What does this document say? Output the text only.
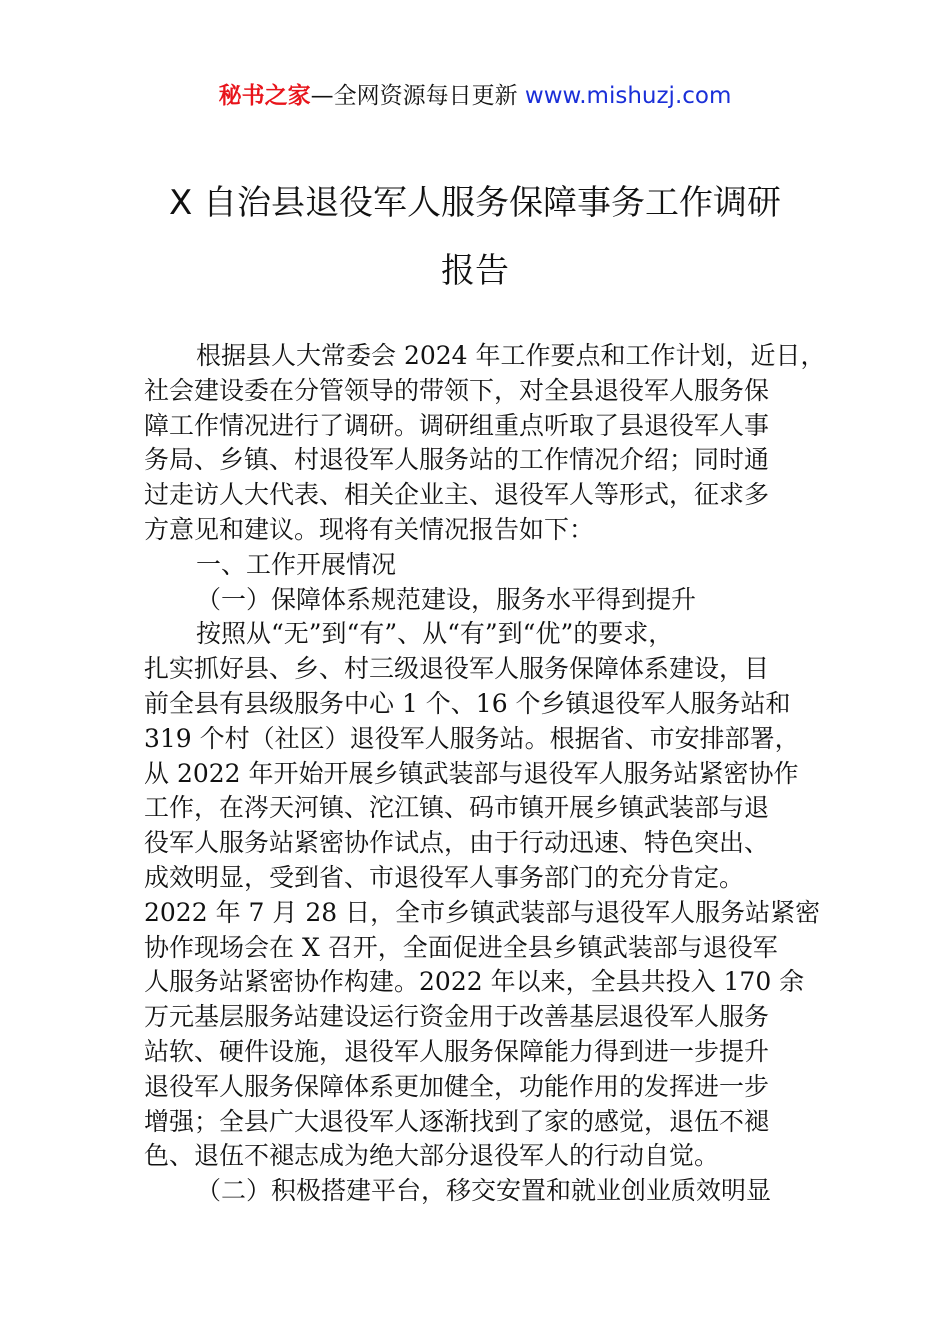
秘书之家—全网资源每日更新 www.mishuzj.com
X 自治县退役军人服务保障事务工作调研
报告
根据县人大常委会 2024 年工作要点和工作计划，近日，
社会建设委在分管领导的带领下，对全县退役军人服务保
障工作情况进行了调研。调研组重点听取了县退役军人事
务局、乡镇、村退役军人服务站的工作情况介绍；同时通
过走访人大代表、相关企业主、退役军人等形式，征求多
方意见和建议。现将有关情况报告如下：
一、工作开展情况
（一）保障体系规范建设，服务水平得到提升
按照从“无”到“有”、从“有”到“优”的要求，
扎实抓好县、乡、村三级退役军人服务保障体系建设，目
前全县有县级服务中心 1 个、16 个乡镇退役军人服务站和
319 个村（社区）退役军人服务站。根据省、市安排部署，
从 2022 年开始开展乡镇武装部与退役军人服务站紧密协作
工作，在涔天河镇、沱江镇、码市镇开展乡镇武装部与退
役军人服务站紧密协作试点，由于行动迅速、特色突出、
成效明显，受到省、市退役军人事务部门的充分肯定。
2022 年 7 月 28 日，全市乡镇武装部与退役军人服务站紧密
协作现场会在 X 召开，全面促进全县乡镇武装部与退役军
人服务站紧密协作构建。2022 年以来，全县共投入 170 余
万元基层服务站建设运行资金用于改善基层退役军人服务
站软、硬件设施，退役军人服务保障能力得到进一步提升
退役军人服务保障体系更加健全，功能作用的发挥进一步
增强；全县广大退役军人逐渐找到了家的感觉，退伍不褪
色、退伍不褪志成为绝大部分退役军人的行动自觉。
（二）积极搭建平台，移交安置和就业创业质效明显
